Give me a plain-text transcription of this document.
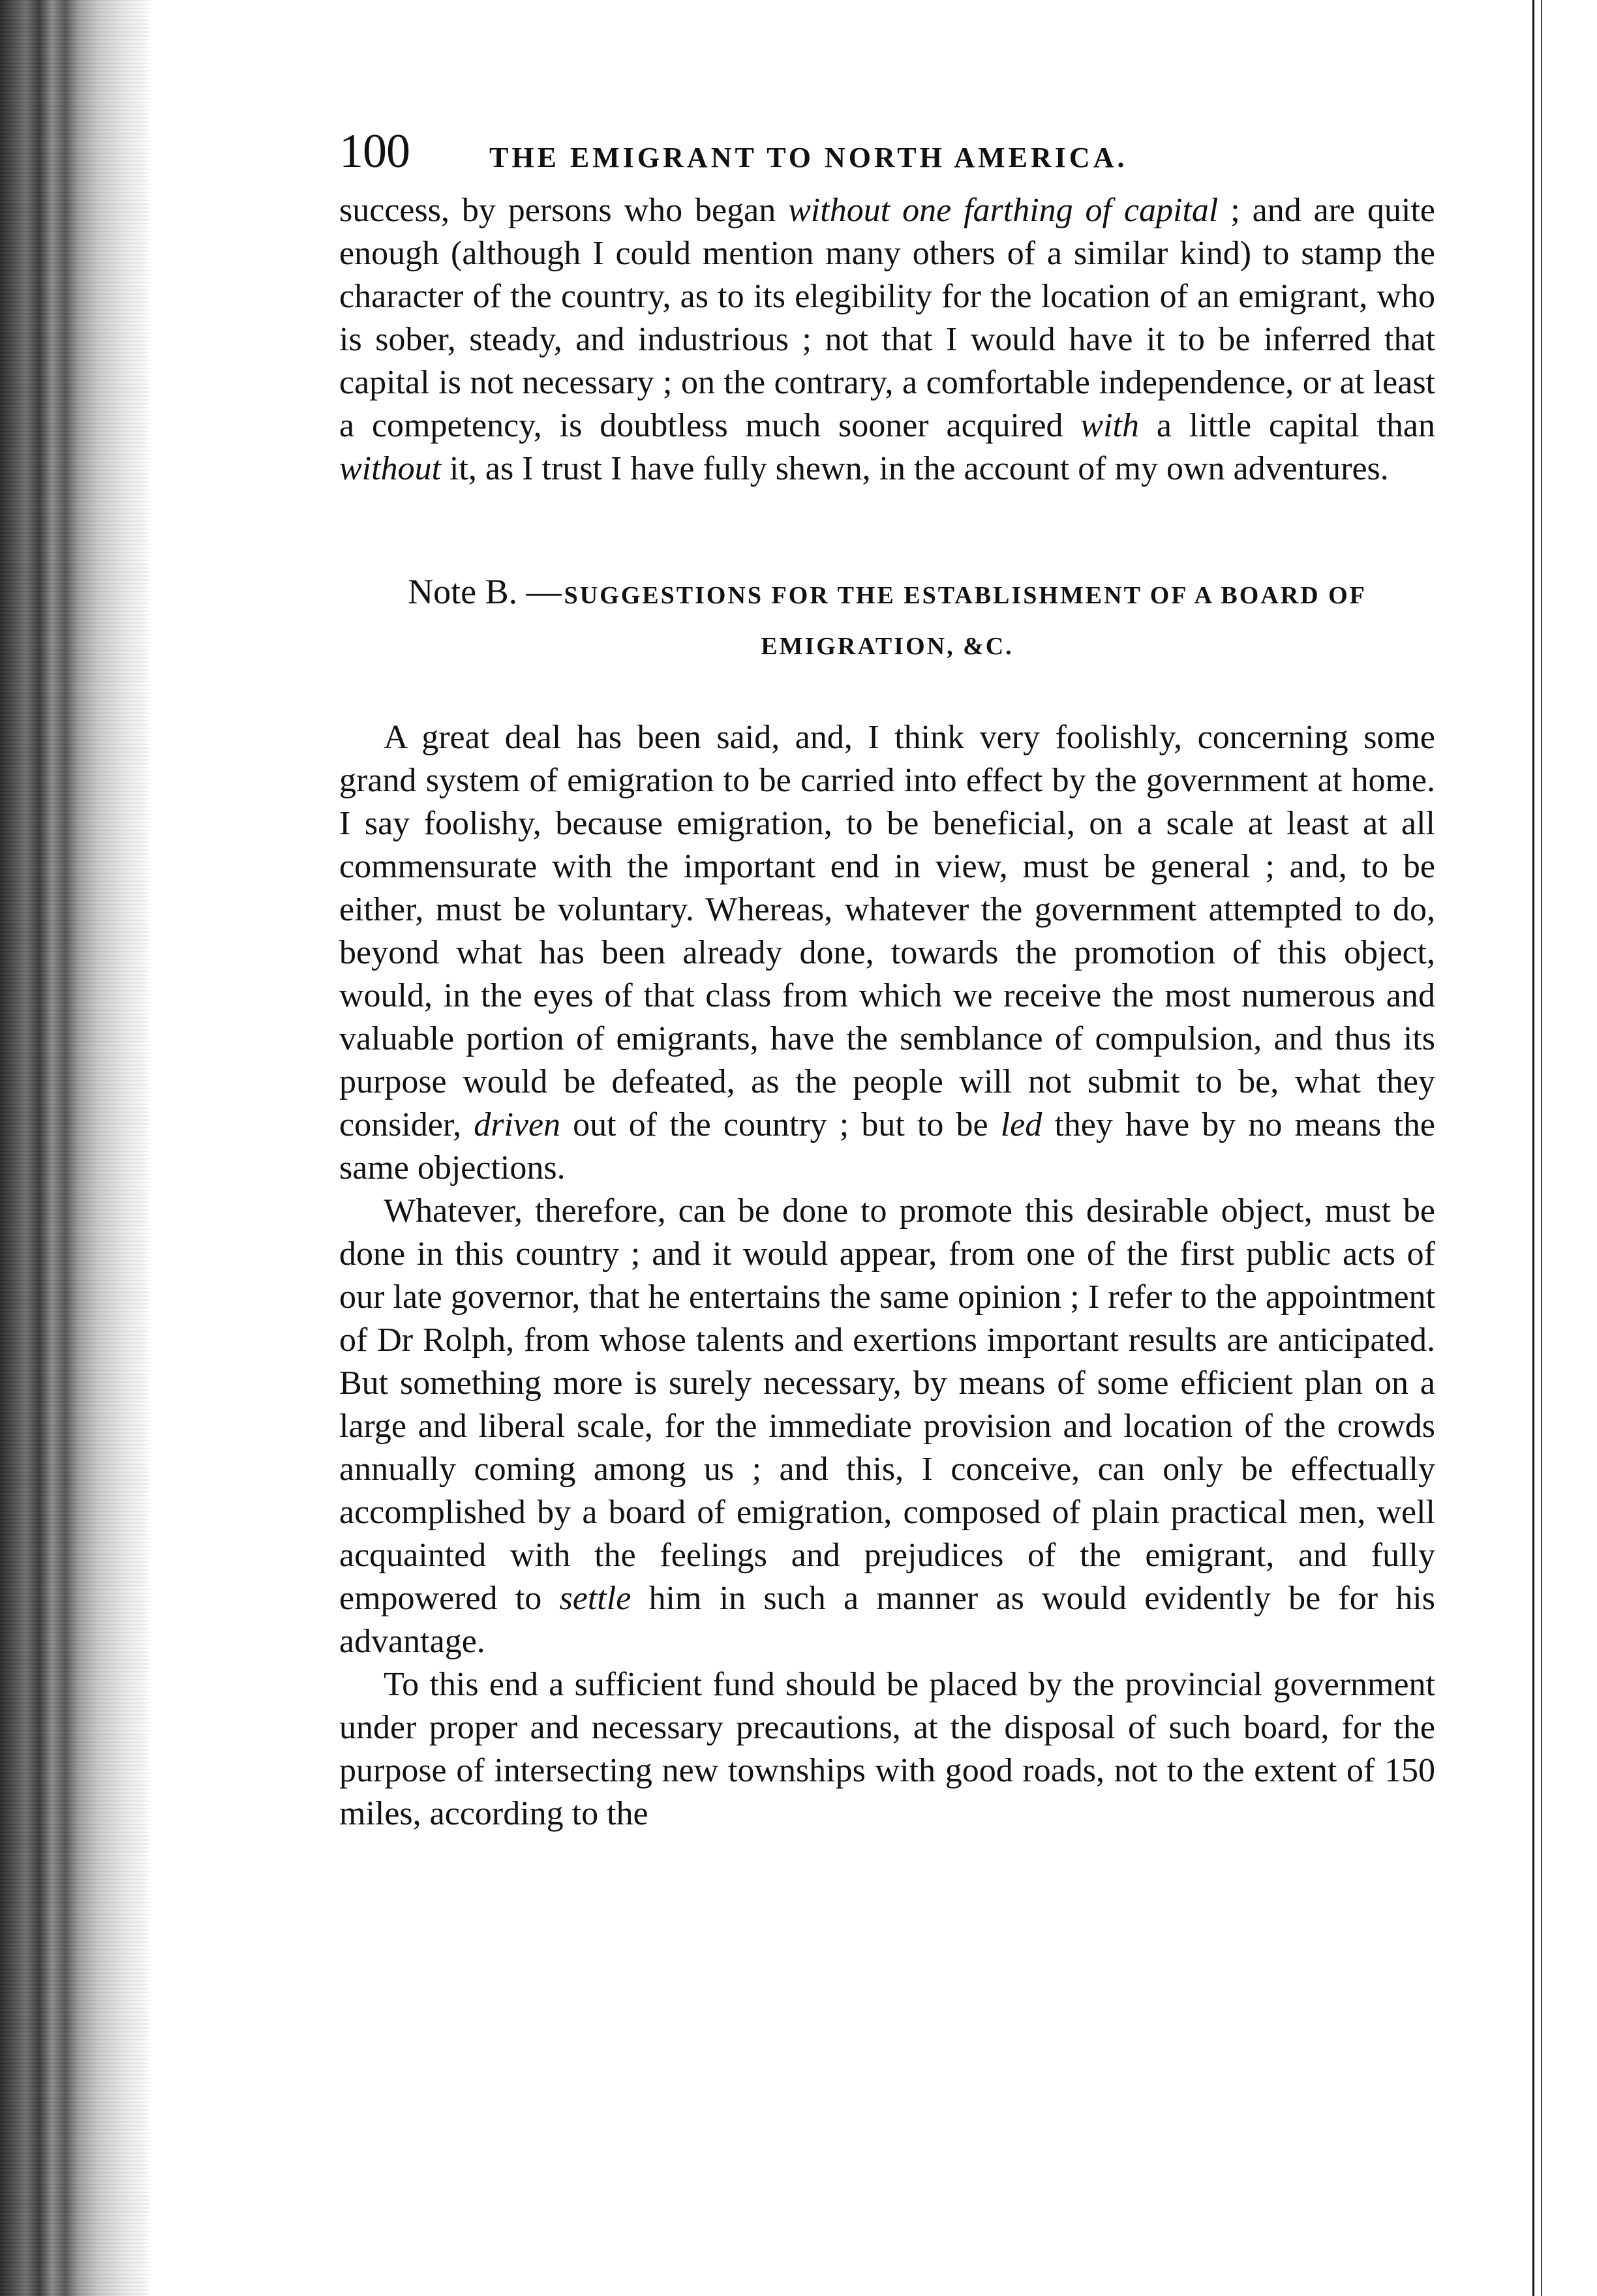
100	THE EMIGRANT TO NORTH AMERICA.

success, by persons who began without one farthing of capital ; and are quite enough (although I could mention many others of a similar kind) to stamp the character of the country, as to its elegibility for the location of an emigrant, who is sober, steady, and industrious ; not that I would have it to be inferred that capital is not necessary ; on the contrary, a comfortable independence, or at least a competency, is doubtless much sooner acquired with a little capital than without it, as I trust I have fully shewn, in the account of my own adventures.

Note B. — SUGGESTIONS FOR THE ESTABLISHMENT OF A BOARD OF
EMIGRATION, &C.

A great deal has been said, and, I think very foolishly, concerning some grand system of emigration to be carried into effect by the government at home. I say foolishy, because emigration, to be beneficial, on a scale at least at all commensurate with the important end in view, must be general ; and, to be either, must be voluntary. Whereas, whatever the government attempted to do, beyond what has been already done, towards the promotion of this object, would, in the eyes of that class from which we receive the most numerous and valuable portion of emigrants, have the semblance of compulsion, and thus its purpose would be defeated, as the people will not submit to be, what they consider, driven out of the country ; but to be led they have by no means the same objections.

Whatever, therefore, can be done to promote this desirable object, must be done in this country ; and it would appear, from one of the first public acts of our late governor, that he entertains the same opinion ; I refer to the appointment of Dr Rolph, from whose talents and exertions important results are anticipated. But something more is surely necessary, by means of some efficient plan on a large and liberal scale, for the immediate provision and location of the crowds annually coming among us ; and this, I conceive, can only be effectually accomplished by a board of emigration, composed of plain practical men, well acquainted with the feelings and prejudices of the emigrant, and fully empowered to settle him in such a manner as would evidently be for his advantage.

To this end a sufficient fund should be placed by the provincial government under proper and necessary precautions, at the disposal of such board, for the purpose of intersecting new townships with good roads, not to the extent of 150 miles, according to the
